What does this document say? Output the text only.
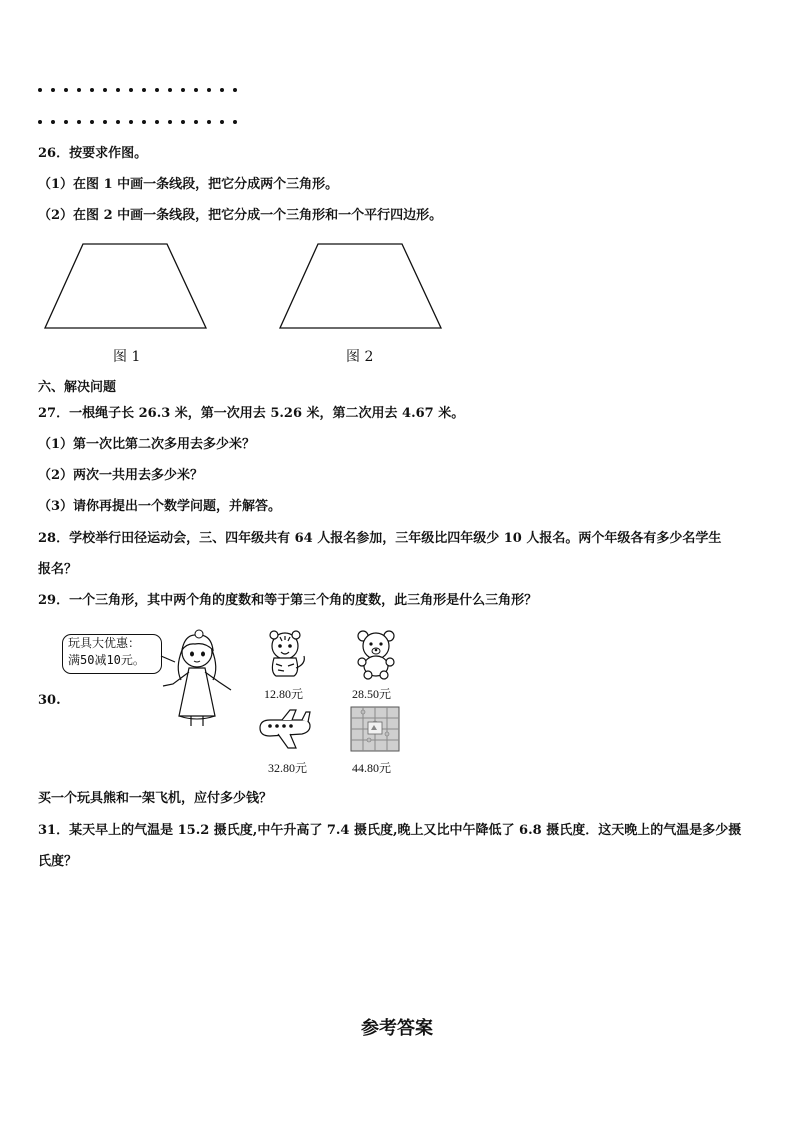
26．按要求作图。
（1）在图 1 中画一条线段，把它分成两个三角形。
（2）在图 2 中画一条线段，把它分成一个三角形和一个平行四边形。
图 1	图 2
六、解决问题
27．一根绳子长 26.3 米，第一次用去 5.26 米，第二次用去 4.67 米。
（1）第一次比第二次多用去多少米？
（2）两次一共用去多少米？
（3）请你再提出一个数学问题，并解答。
28．学校举行田径运动会，三、四年级共有 64 人报名参加，三年级比四年级少 10 人报名。两个年级各有多少名学生
报名？
29．一个三角形，其中两个角的度数和等于第三个角的度数，此三角形是什么三角形？
30.
玩具大优惠：
满50减10元。
12.80元	28.50元
32.80元	44.80元
买一个玩具熊和一架飞机，应付多少钱？
31．某天早上的气温是 15.2 摄氏度,中午升高了 7.4 摄氏度,晚上又比中午降低了 6.8 摄氏度．这天晚上的气温是多少摄
氏度？
参考答案
